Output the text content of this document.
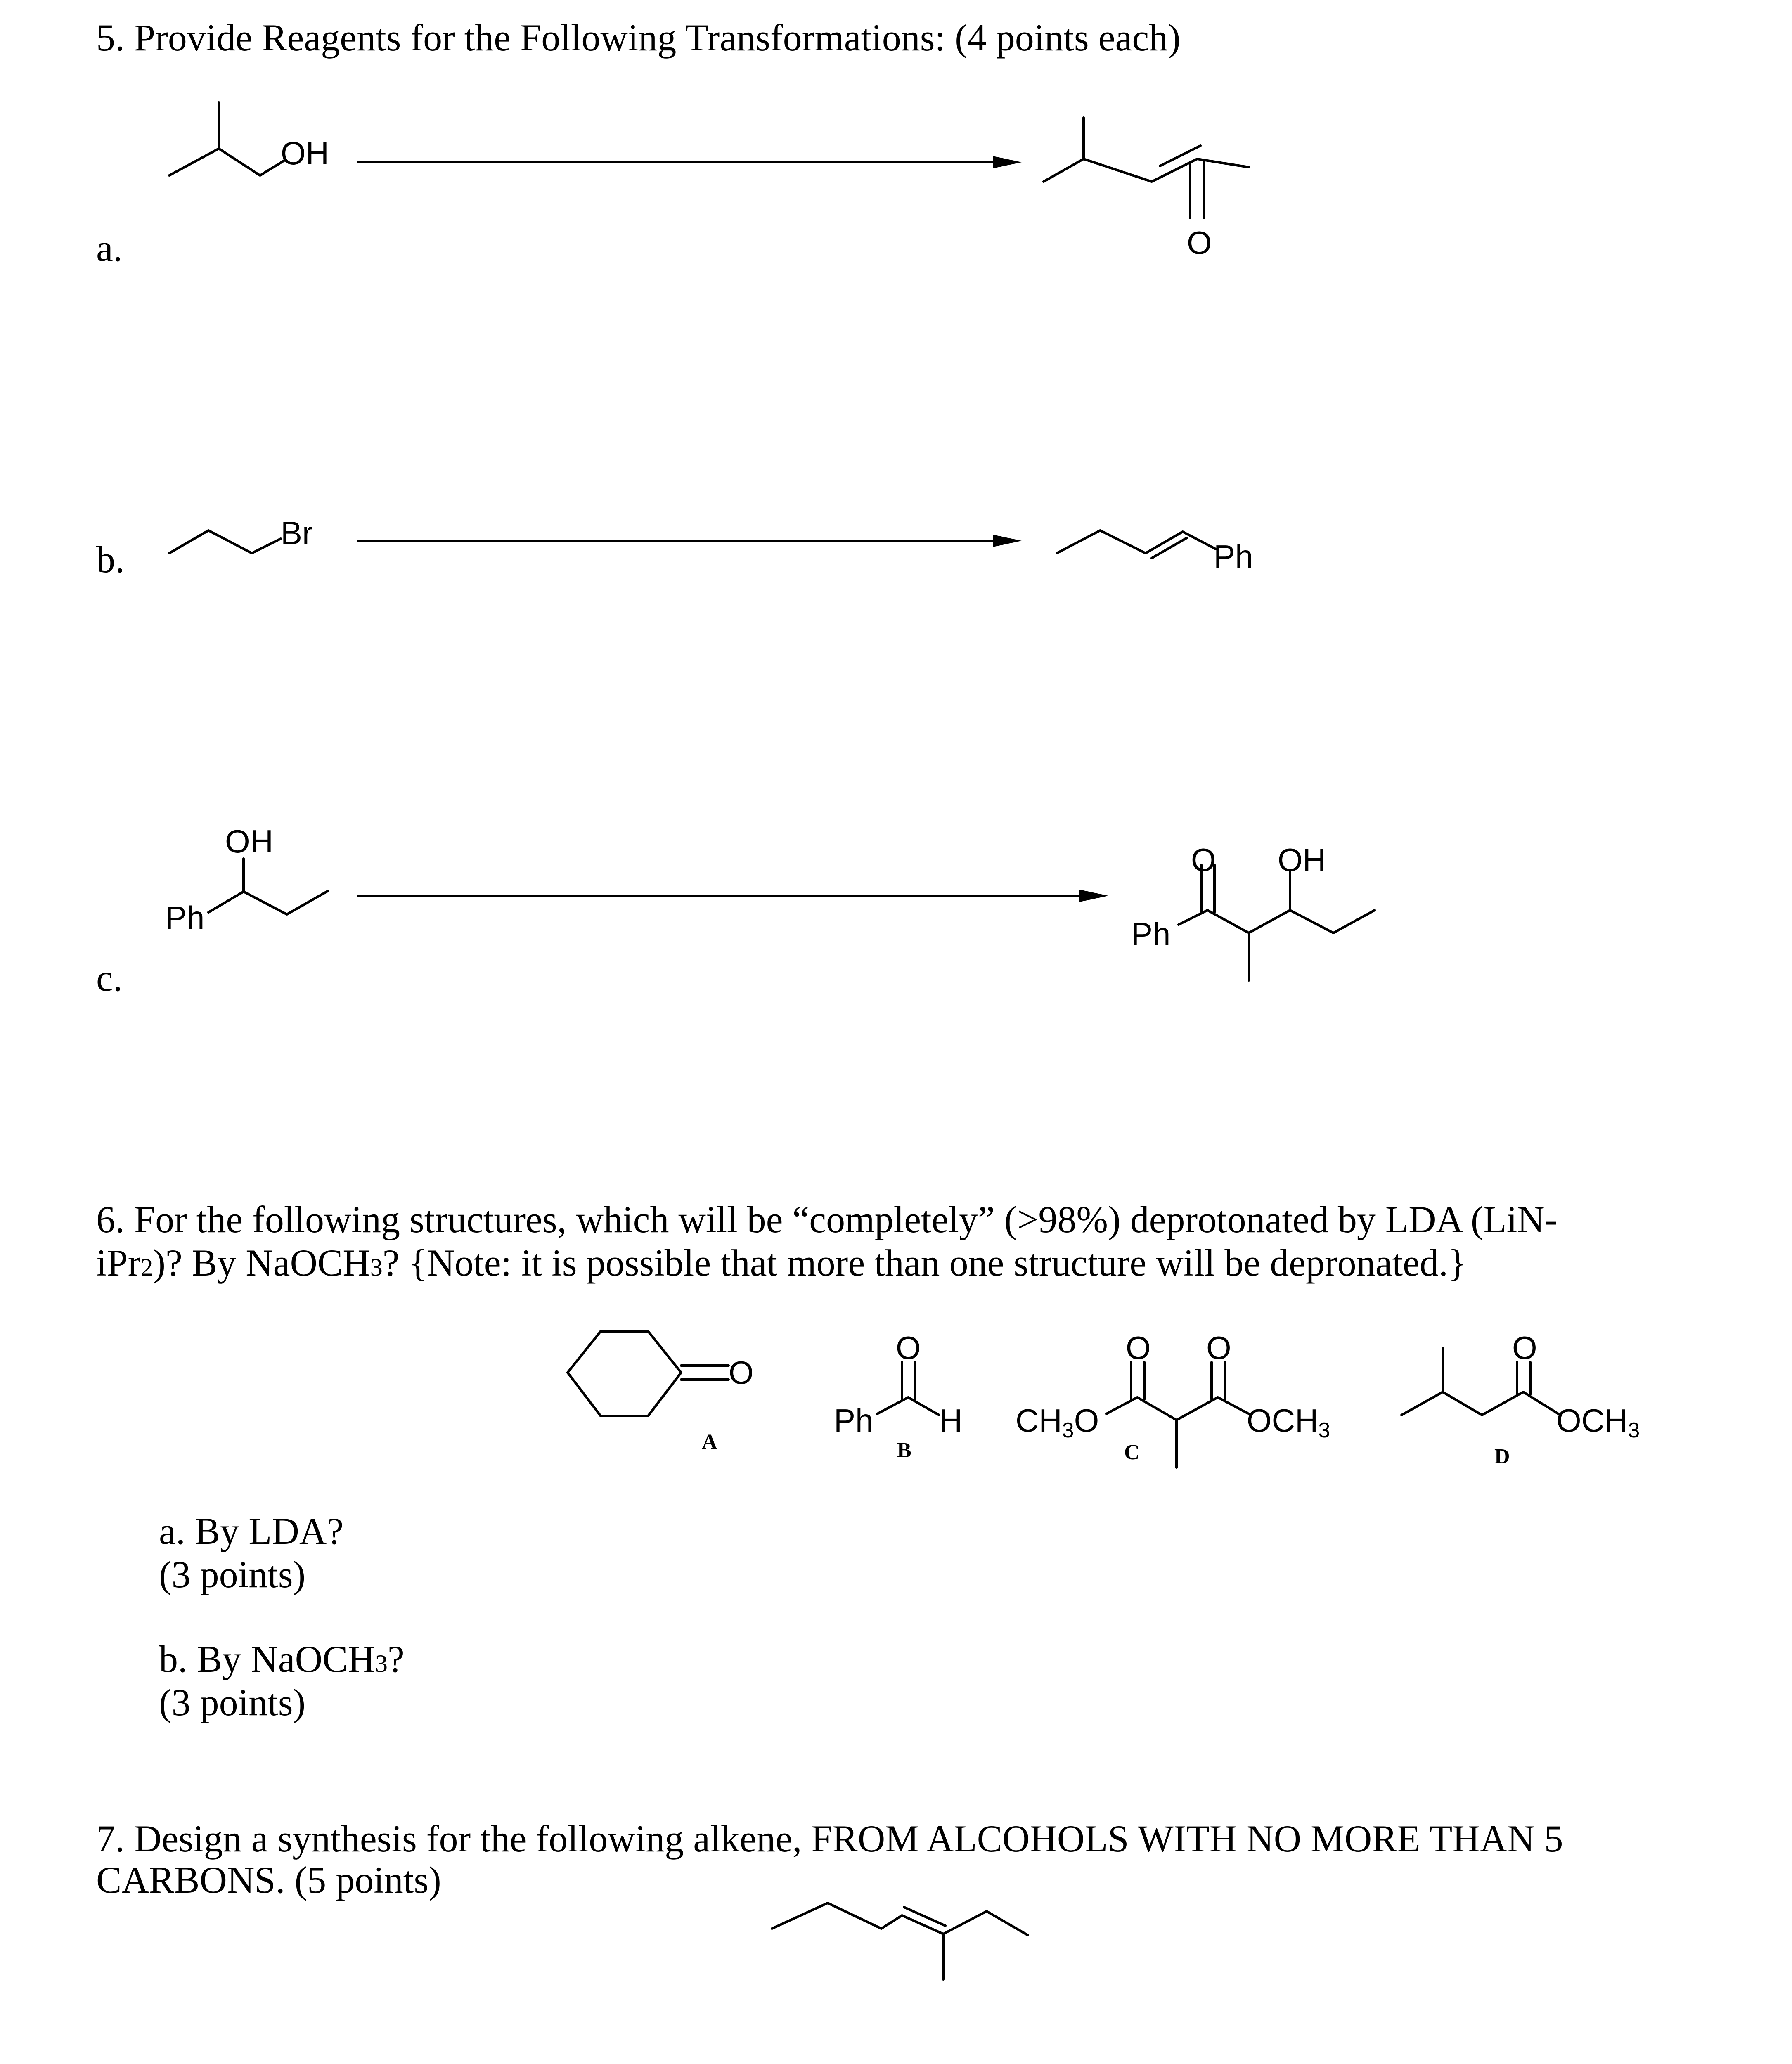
5. Provide Reagents for the Following Transformations: (4 points each)
a.
OH
O
b.
Br
Ph
c.
Ph
OH
Ph
O OH
6. For the following structures, which will be “completely” (>98%) deprotonated by LDA (LiN-
iPr2)? By NaOCH3? {Note: it is possible that more than one structure will be depronated.}
O
A
Ph
O
H
B
CH3O
O O
OCH3
C
O
OCH3
D
a. By LDA?
(3 points)
b. By NaOCH3?
(3 points)
7. Design a synthesis for the following alkene, FROM ALCOHOLS WITH NO MORE THAN 5
CARBONS. (5 points)
